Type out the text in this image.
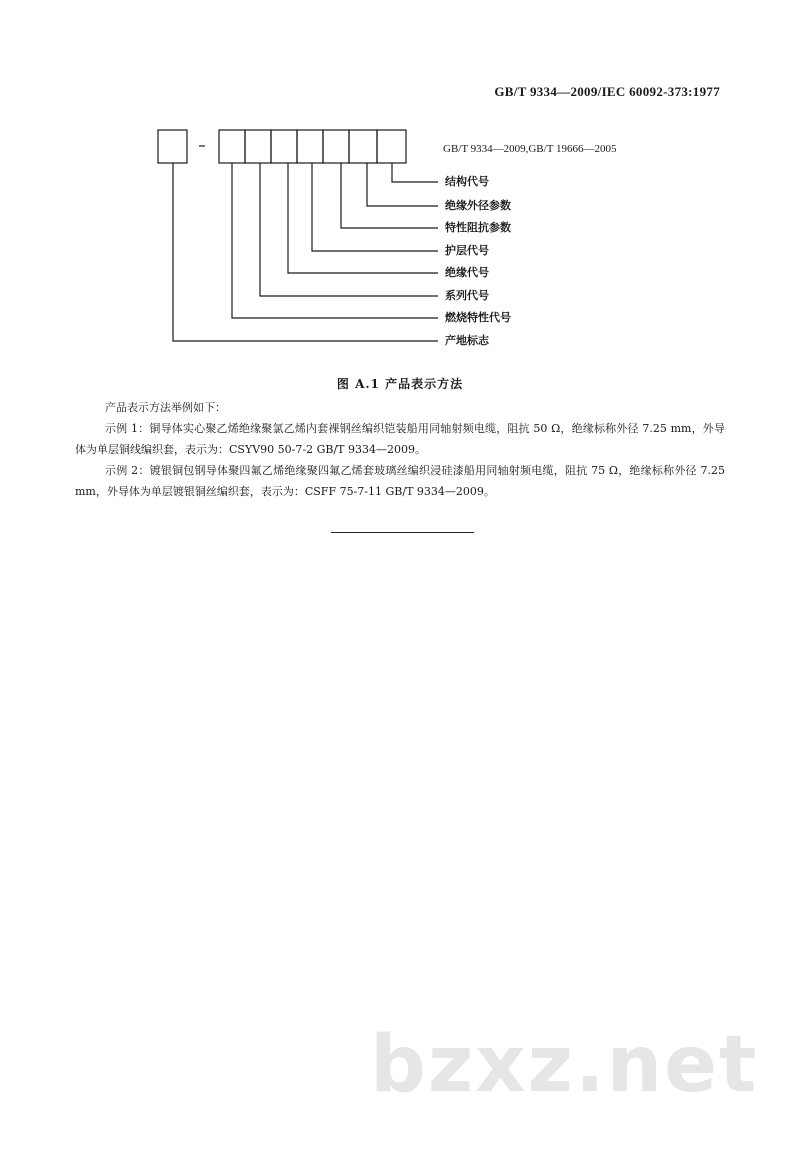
GB/T 9334—2009/IEC 60092-373:1977
GB/T 9334—2009,GB/T 19666—2005
结构代号
绝缘外径参数
特性阻抗参数
护层代号
绝缘代号
系列代号
燃烧特性代号
产地标志
图 A.1 产品表示方法
产品表示方法举例如下：

示例 1：铜导体实心聚乙烯绝缘聚氯乙烯内套裸钢丝编织铠装船用同轴射频电缆，阻抗 50 Ω，绝缘标称外径 7.25 mm，外导体为单层铜线编织套，表示为：CSYV90 50-7-2 GB/T 9334—2009。

示例 2：镀银铜包钢导体聚四氟乙烯绝缘聚四氟乙烯套玻璃丝编织浸硅漆船用同轴射频电缆，阻抗 75 Ω，绝缘标称外径 7.25 mm，外导体为单层镀银铜丝编织套，表示为：CSFF 75-7-11 GB/T 9334—2009。

bzxz.net
